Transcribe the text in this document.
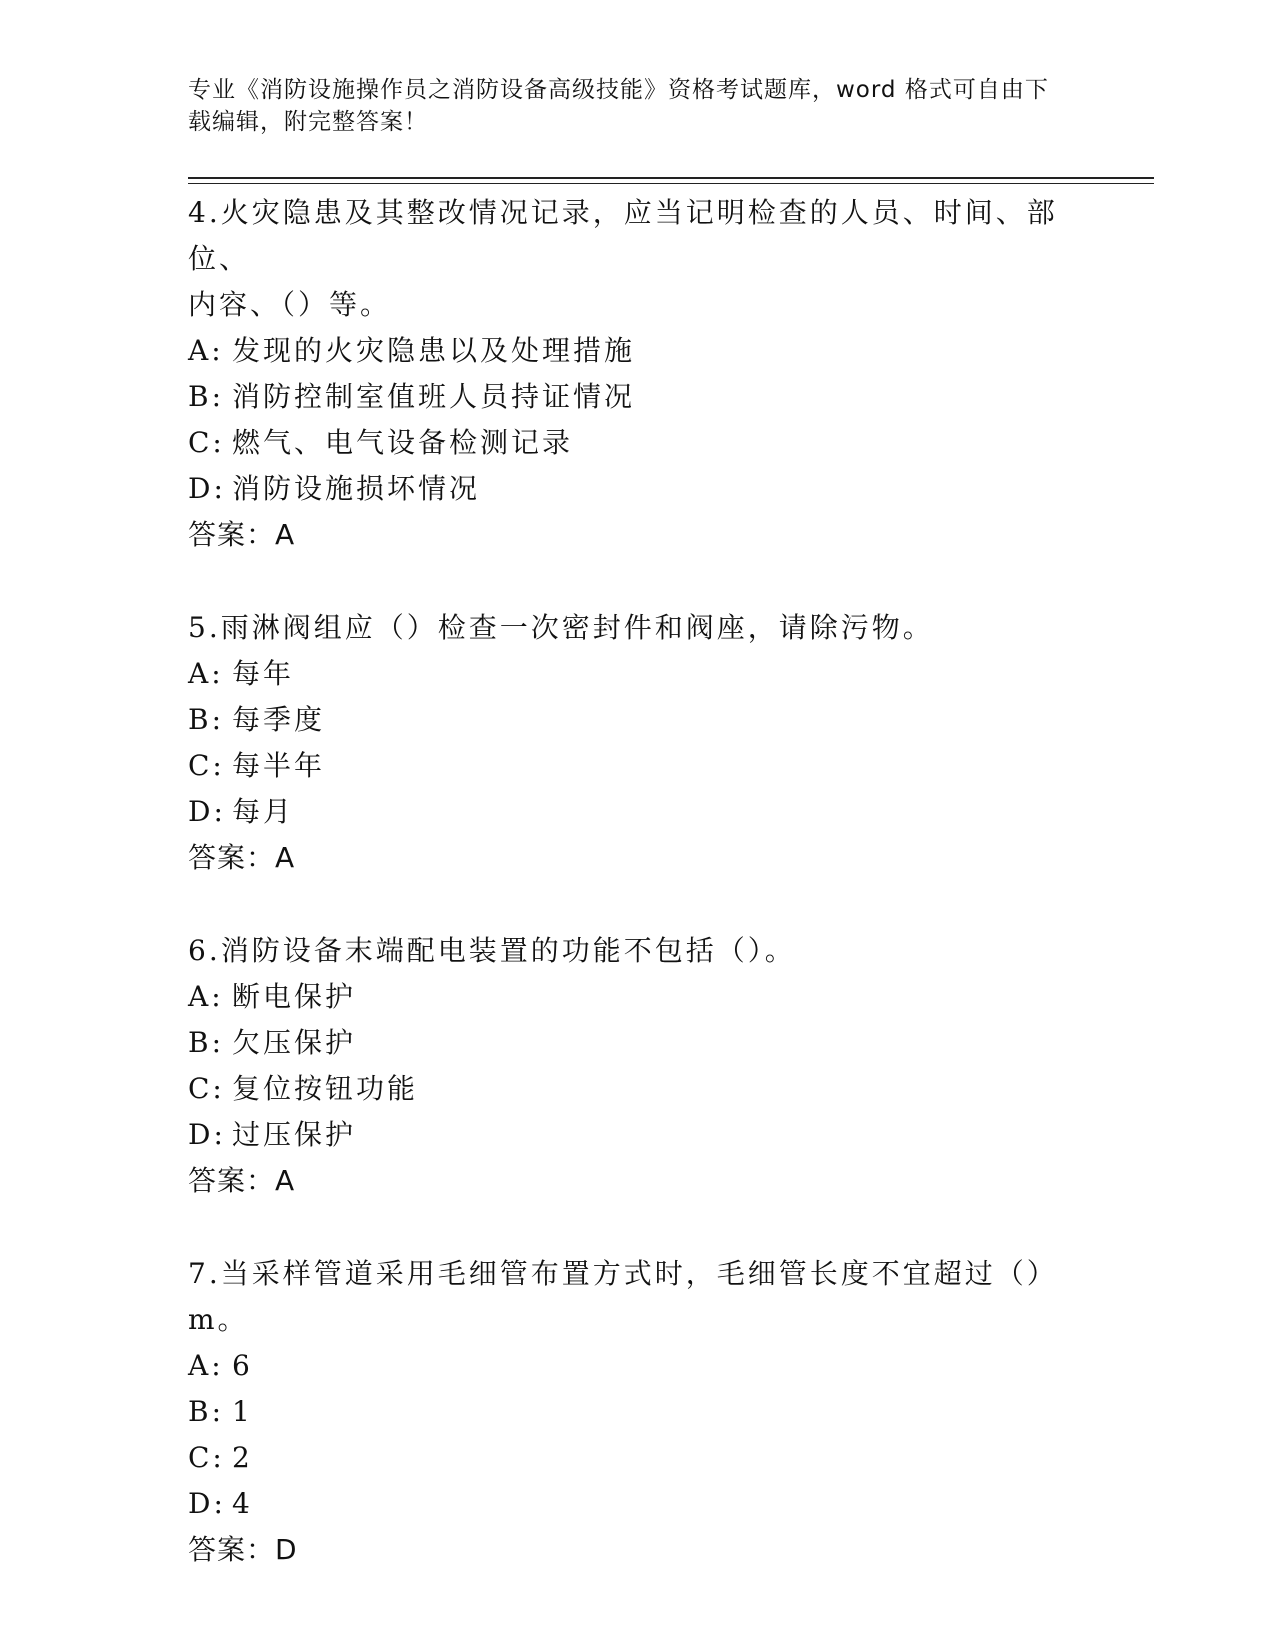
专业《消防设施操作员之消防设备高级技能》资格考试题库，word 格式可自由下
载编辑，附完整答案！
4.火灾隐患及其整改情况记录，应当记明检查的人员、时间、部位、
内容、（）等。
A: 发现的火灾隐患以及处理措施
B: 消防控制室值班人员持证情况
C: 燃气、电气设备检测记录
D: 消防设施损坏情况
答案：A
5.雨淋阀组应（）检查一次密封件和阀座，请除污物。
A: 每年
B: 每季度
C: 每半年
D: 每月
答案：A
6.消防设备末端配电装置的功能不包括（）。
A: 断电保护
B: 欠压保护
C: 复位按钮功能
D: 过压保护
答案：A
7.当采样管道采用毛细管布置方式时，毛细管长度不宜超过（）m。
A: 6
B: 1
C: 2
D: 4
答案：D
